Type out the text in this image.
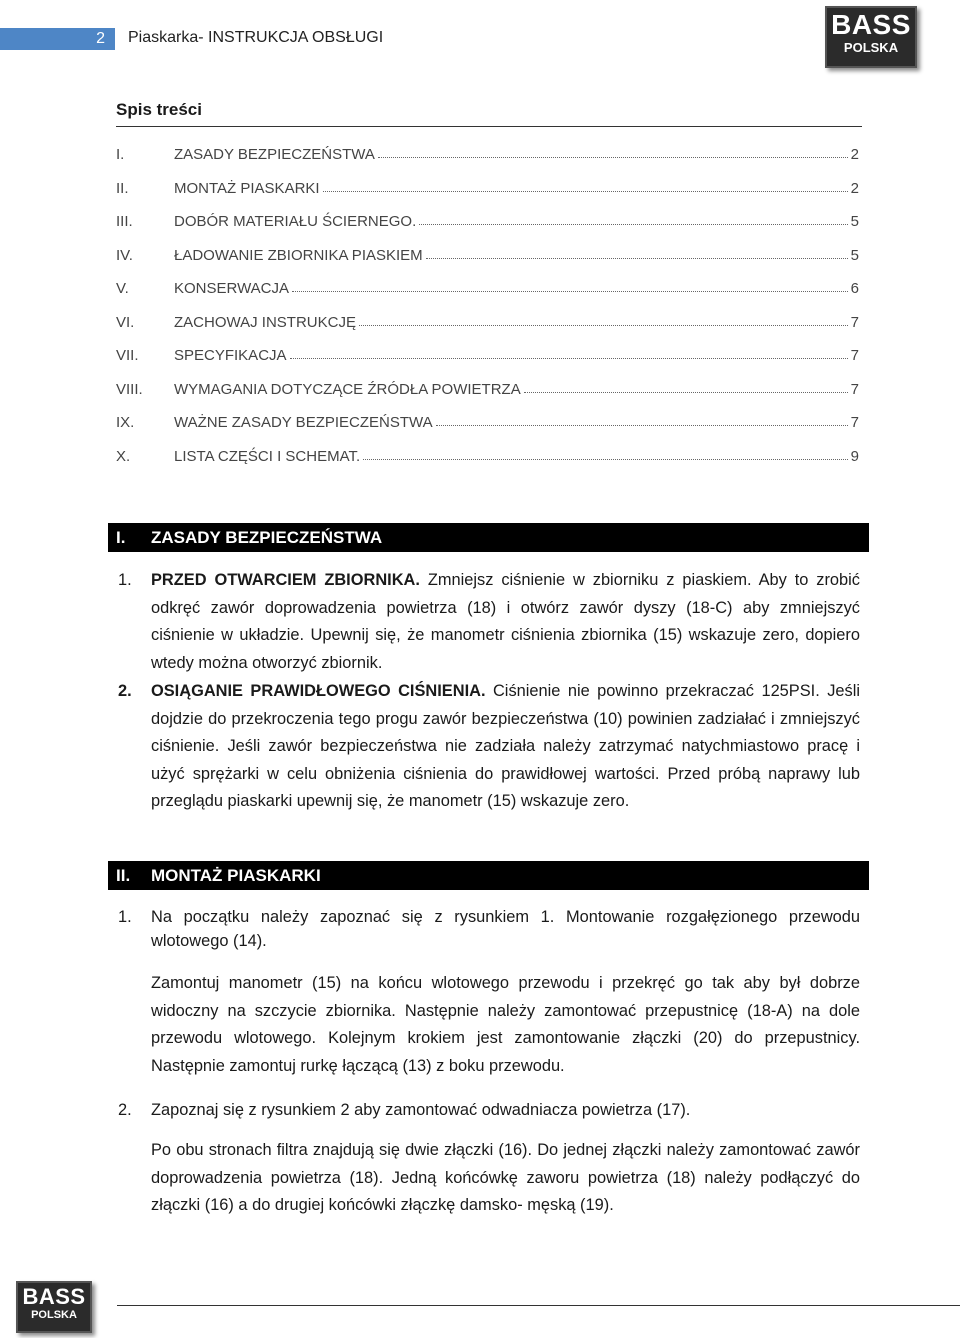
2 Piaskarka- INSTRUKCJA OBSŁUGI	BASS
POLSKA
Spis treści
I.	ZASADY BEZPIECZEŃSTWA	2
II.	MONTAŻ PIASKARKI	2
III.	DOBÓR MATERIAŁU ŚCIERNEGO.	5
IV.	ŁADOWANIE ZBIORNIKA PIASKIEM	5
V.	KONSERWACJA	6
VI.	ZACHOWAJ INSTRUKCJĘ	7
VII. SPECYFIKACJA	7
VIII. WYMAGANIA DOTYCZĄCE ŹRÓDŁA POWIETRZA	7
IX.	WAŻNE ZASADY BEZPIECZEŃSTWA	7
X.	LISTA CZĘŚCI I SCHEMAT.	9
I. ZASADY BEZPIECZEŃSTWA
1. PRZED OTWARCIEM ZBIORNIKA. Zmniejsz ciśnienie w zbiorniku z piaskiem. Aby to zrobić odkręć zawór doprowadzenia powietrza (18) i otwórz zawór dyszy (18-C) aby zmniejszyć ciśnienie w układzie. Upewnij się, że manometr ciśnienia zbiornika (15) wskazuje zero, dopiero wtedy można otworzyć zbiornik.
2. OSIĄGANIE PRAWIDŁOWEGO CIŚNIENIA. Ciśnienie nie powinno przekraczać 125PSI. Jeśli dojdzie do przekroczenia tego progu zawór bezpieczeństwa (10) powinien zadziałać i zmniejszyć ciśnienie. Jeśli zawór bezpieczeństwa nie zadziała należy zatrzymać natychmiastowo pracę i użyć sprężarki w celu obniżenia ciśnienia do prawidłowej wartości. Przed próbą naprawy lub przeglądu piaskarki upewnij się, że manometr (15) wskazuje zero.
II. MONTAŻ PIASKARKI
1. Na początku należy zapoznać się z rysunkiem 1. Montowanie rozgałęzionego przewodu wlotowego (14).
Zamontuj manometr (15) na końcu wlotowego przewodu i przekręć go tak aby był dobrze widoczny na szczycie zbiornika. Następnie należy zamontować przepustnicę (18-A) na dole przewodu wlotowego. Kolejnym krokiem jest zamontowanie złączki (20) do przepustnicy. Następnie zamontuj rurkę łączącą (13) z boku przewodu.
2. Zapoznaj się z rysunkiem 2 aby zamontować odwadniacza powietrza (17).
Po obu stronach filtra znajdują się dwie złączki (16). Do jednej złączki należy zamontować zawór doprowadzenia powietrza (18). Jedną końcówkę zaworu powietrza (18) należy podłączyć do złączki (16) a do drugiej końcówki złączkę damsko- męską (19).
BASS
POLSKA
